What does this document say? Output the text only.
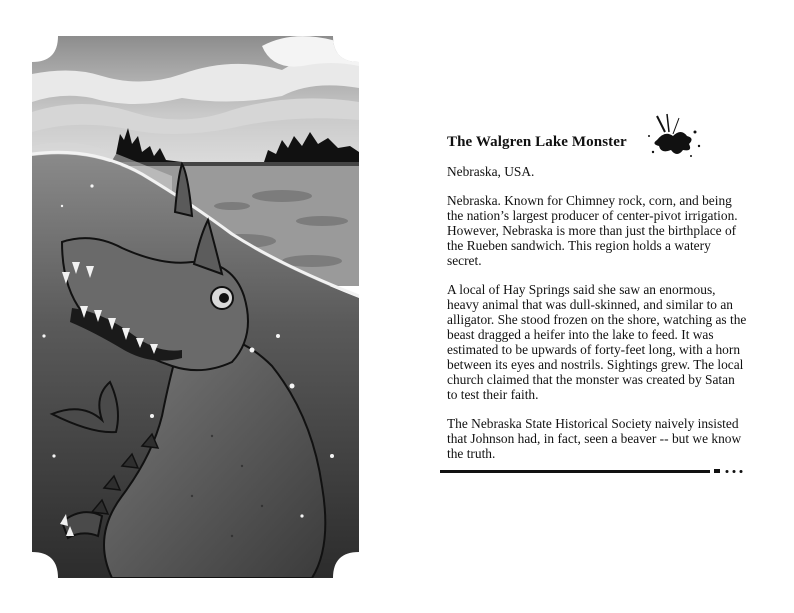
The Walgren Lake Monster
Nebraska, USA.

Nebraska. Known for Chimney rock, corn, and being the nation’s largest producer of center-pivot irrigation. However, Nebraska is more than just the birthplace of the Rueben sandwich. This region holds a watery secret.

A local of Hay Springs said she saw an enormous, heavy animal that was dull-skinned, and similar to an alligator. She stood frozen on the shore, watching as the beast dragged a heifer into the lake to feed. It was estimated to be upwards of forty-feet long, with a horn between its eyes and nostrils. Sightings grew. The local church claimed that the monster was created by Satan to test their faith.

The Nebraska State Historical Society naively insisted that Johnson had, in fact, seen a beaver -- but we know the truth.
